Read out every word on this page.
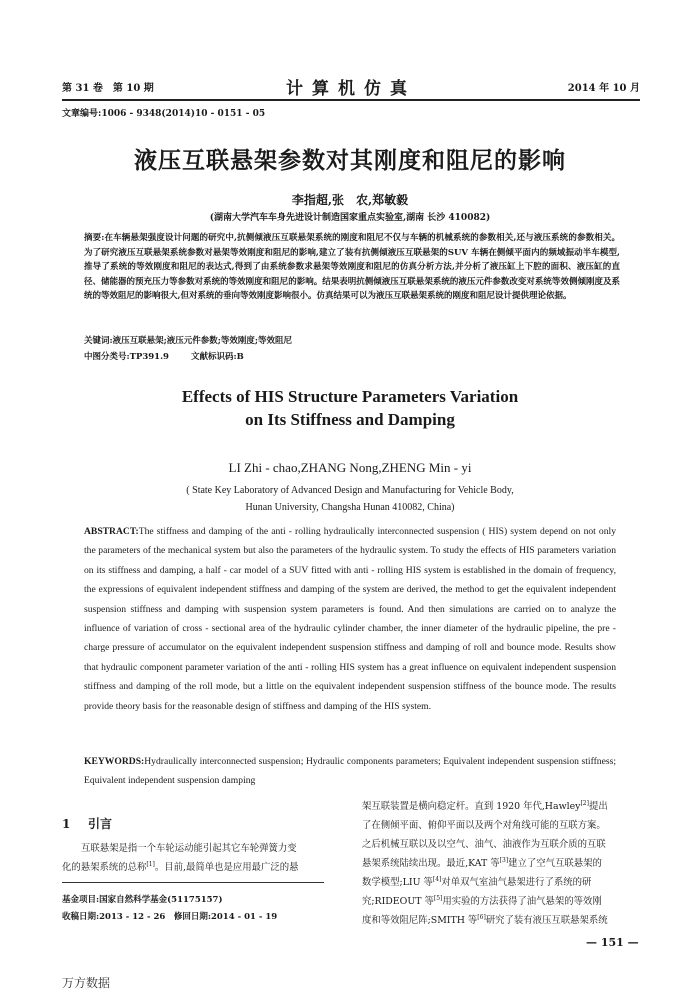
第 31 卷　第 10 期	计算机仿真	2014 年 10 月
文章编号:1006 - 9348(2014)10 - 0151 - 05
液压互联悬架参数对其刚度和阻尼的影响
李指超,张　农,郑敏毅
(湖南大学汽车车身先进设计制造国家重点实验室,湖南 长沙 410082)
摘要:在车辆悬架强度设计问题的研究中,抗侧倾液压互联悬架系统的刚度和阻尼不仅与车辆的机械系统的参数相关,还与液压系统的参数相关。为了研究液压互联悬架系统参数对悬架等效刚度和阻尼的影响,建立了装有抗侧倾液压互联悬架的SUV 车辆在侧倾平面内的频域振动半车模型,推导了系统的等效刚度和阻尼的表达式,得到了由系统参数求悬架等效刚度和阻尼的仿真分析方法,并分析了液压缸上下腔的面积、液压缸的直径、储能器的预充压力等参数对系统的等效刚度和阻尼的影响。结果表明抗侧倾液压互联悬架系统的液压元件参数改变对系统等效侧倾刚度及系统的等效阻尼的影响很大,但对系统的垂向等效刚度影响很小。仿真结果可以为液压互联悬架系统的刚度和阻尼设计提供理论依据。
关键词:液压互联悬架;液压元件参数;等效刚度;等效阻尼
中图分类号:TP391.9	文献标识码:B
Effects of HIS Structure Parameters Variation
on Its Stiffness and Damping
LI Zhi - chao,ZHANG Nong,ZHENG Min - yi
( State Key Laboratory of Advanced Design and Manufacturing for Vehicle Body,
Hunan University, Changsha Hunan 410082, China)
ABSTRACT:The stiffness and damping of the anti - rolling hydraulically interconnected suspension ( HIS) system depend on not only the parameters of the mechanical system but also the parameters of the hydraulic system. To study the effects of HIS parameters variation on its stiffness and damping, a half - car model of a SUV fitted with anti - rolling HIS system is established in the domain of frequency, the expressions of equivalent independent stiffness and damping of the system are derived, the method to get the equivalent independent suspension stiffness and damping with suspension system parameters is found. And then simulations are carried on to analyze the influence of variation of cross - sectional area of the hydraulic cylinder chamber, the inner diameter of the hydraulic pipeline, the pre - charge pressure of accumulator on the equivalent independent suspension stiffness and damping of roll and bounce mode. Results show that hydraulic component parameter variation of the anti - rolling HIS system has a great influence on equivalent independent suspension stiffness and damping of the roll mode, but a little on the equivalent independent suspension stiffness of the bounce mode. The results provide theory basis for the reasonable design of stiffness and damping of the HIS system.
KEYWORDS:Hydraulically interconnected suspension; Hydraulic components parameters; Equivalent independent suspension stiffness; Equivalent independent suspension damping
1 引言
互联悬架是指一个车轮运动能引起其它车轮弹簧力变
化的悬架系统的总称[1]。目前,最简单也是应用最广泛的悬
基金项目:国家自然科学基金(51175157)
收稿日期:2013 - 12 - 26　修回日期:2014 - 01 - 19
架互联装置是横向稳定杆。直到 1920 年代,Hawley[2]提出
了在侧倾平面、俯仰平面以及两个对角线可能的互联方案。
之后机械互联以及以空气、油气、油液作为互联介质的互联
悬架系统陆续出现。最近,KAT 等[3]建立了空气互联悬架的
数学模型;LIU 等[4]对单双气室油气悬架进行了系统的研
究;RIDEOUT 等[5]用实验的方法获得了油气悬架的等效刚
度和等效阻尼阵;SMITH 等[6]研究了装有液压互联悬架系统
— 151 —
万方数据
